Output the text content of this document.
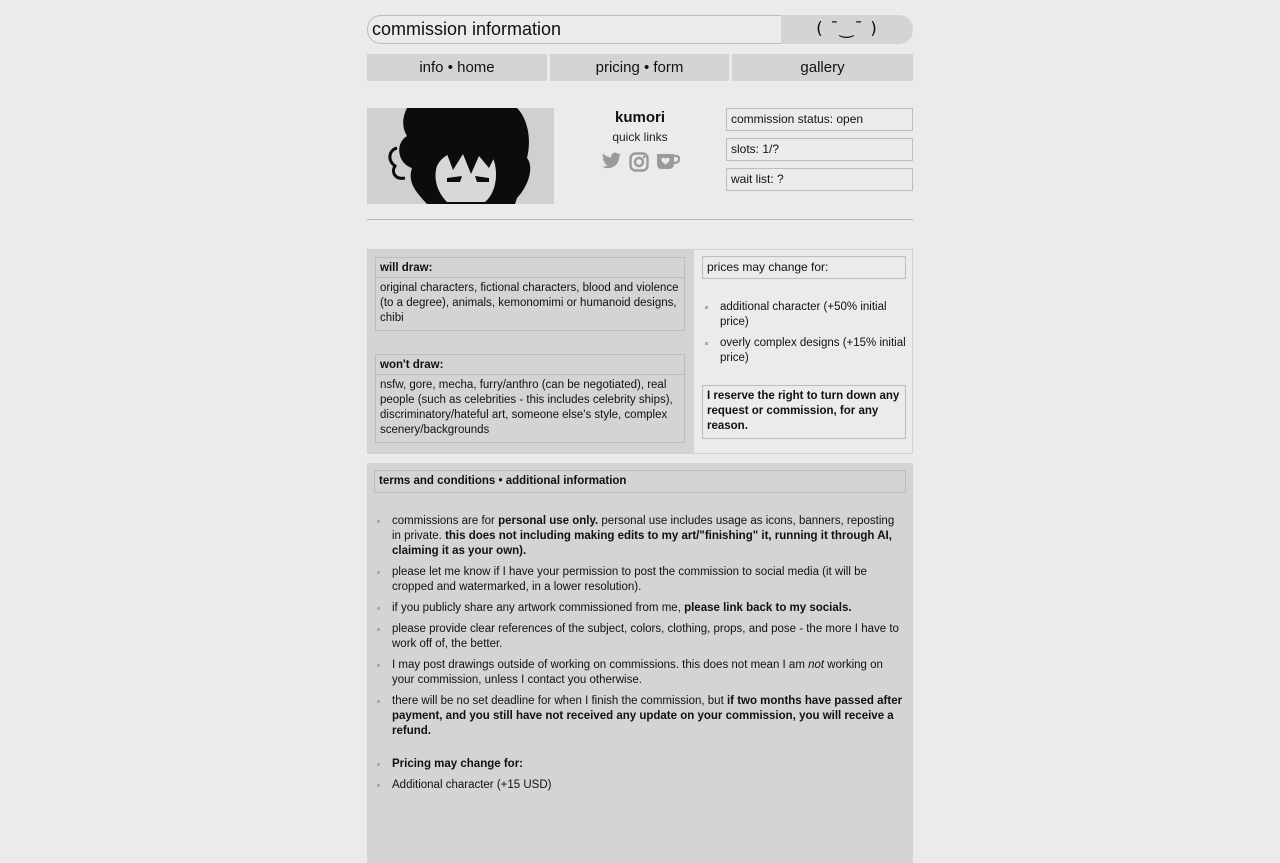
commission information	( ¯‿¯ )
info • home	pricing • form	gallery
kumori
quick links
commission status: open
slots: 1/?
wait list: ?
will draw:
original characters, fictional characters, blood and violence (to a degree), animals, kemonomimi or humanoid designs, chibi
won't draw:
nsfw, gore, mecha, furry/anthro (can be negotiated), real people (such as celebrities - this includes celebrity ships), discriminatory/hateful art, someone else's style, complex scenery/backgrounds
prices may change for:
additional character (+50% initial price)
overly complex designs (+15% initial price)
I reserve the right to turn down any request or commission, for any reason.
terms and conditions • additional information
commissions are for personal use only. personal use includes usage as icons, banners, reposting in private. this does not including making edits to my art/"finishing" it, running it through AI, claiming it as your own).
please let me know if I have your permission to post the commission to social media (it will be cropped and watermarked, in a lower resolution).
if you publicly share any artwork commissioned from me, please link back to my socials.
please provide clear references of the subject, colors, clothing, props, and pose - the more I have to work off of, the better.
I may post drawings outside of working on commissions. this does not mean I am not working on your commission, unless I contact you otherwise.
there will be no set deadline for when I finish the commission, but if two months have passed after payment, and you still have not received any update on your commission, you will receive a refund.
Pricing may change for:
Additional character (+15 USD)
